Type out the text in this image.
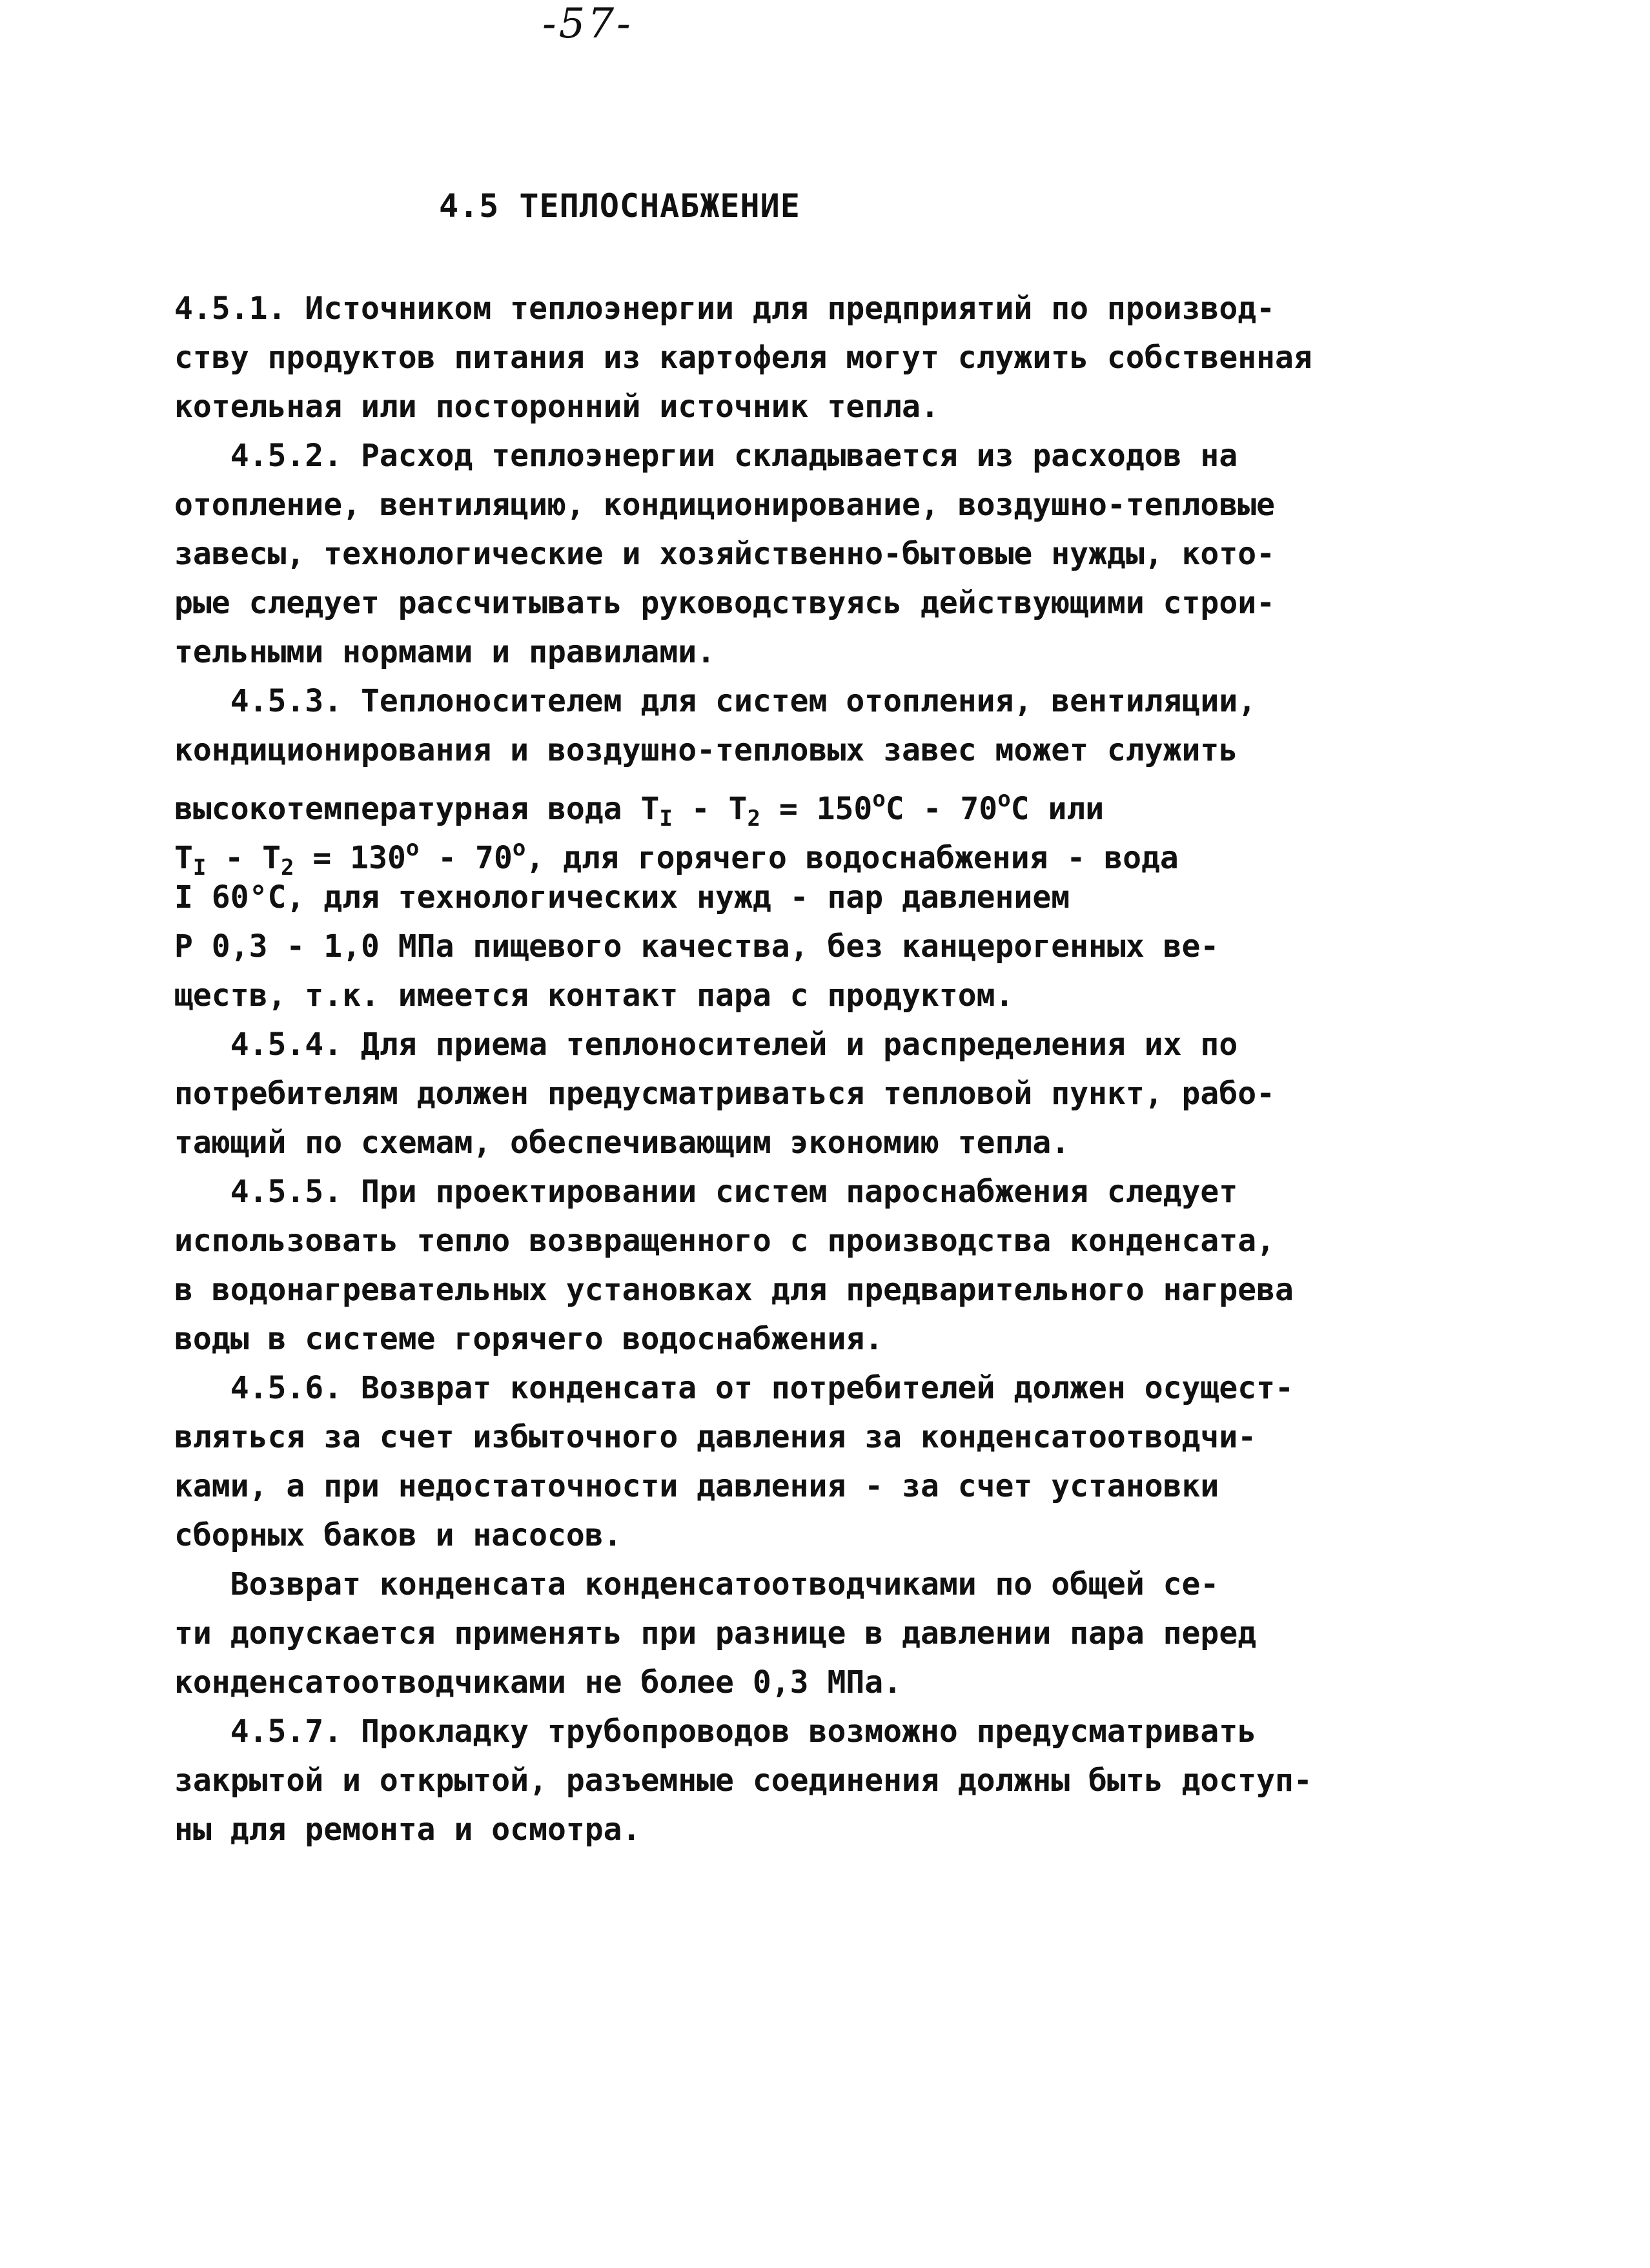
-57-
4.5 ТЕПЛОСНАБЖЕНИЕ
4.5.1. Источником теплоэнергии для предприятий по производ-
ству продуктов питания из картофеля могут служить собственная
котельная или посторонний источник тепла.
4.5.2. Расход теплоэнергии складывается из расходов на
отопление, вентиляцию, кондиционирование, воздушно-тепловые
завесы, технологические и хозяйственно-бытовые нужды, кото-
рые следует рассчитывать руководствуясь действующими строи-
тельными нормами и правилами.
4.5.3. Теплоносителем для систем отопления, вентиляции,
кондиционирования и воздушно-тепловых завес может служить
высокотемпературная вода $Т_I - Т_2 = 150^оС - 70^оС$ или
$Т_I - Т_2 = 130^о - 70^о$, для горячего водоснабжения - вода
I 60°С, для технологических нужд - пар давлением
Р 0,3 - 1,0 МПа пищевого качества, без канцерогенных ве-
ществ, т.к. имеется контакт пара с продуктом.
4.5.4. Для приема теплоносителей и распределения их по
потребителям должен предусматриваться тепловой пункт, рабо-
тающий по схемам, обеспечивающим экономию тепла.
4.5.5. При проектировании систем пароснабжения следует
использовать тепло возвращенного с производства конденсата,
в водонагревательных установках для предварительного нагрева
воды в системе горячего водоснабжения.
4.5.6. Возврат конденсата от потребителей должен осущест-
вляться за счет избыточного давления за конденсатоотводчи-
ками, а при недостаточности давления - за счет установки
сборных баков и насосов.
Возврат конденсата конденсатоотводчиками по общей се-
ти допускается применять при разнице в давлении пара перед
конденсатоотводчиками не более 0,3 МПа.
4.5.7. Прокладку трубопроводов возможно предусматривать
закрытой и открытой, разъемные соединения должны быть доступ-
ны для ремонта и осмотра.
